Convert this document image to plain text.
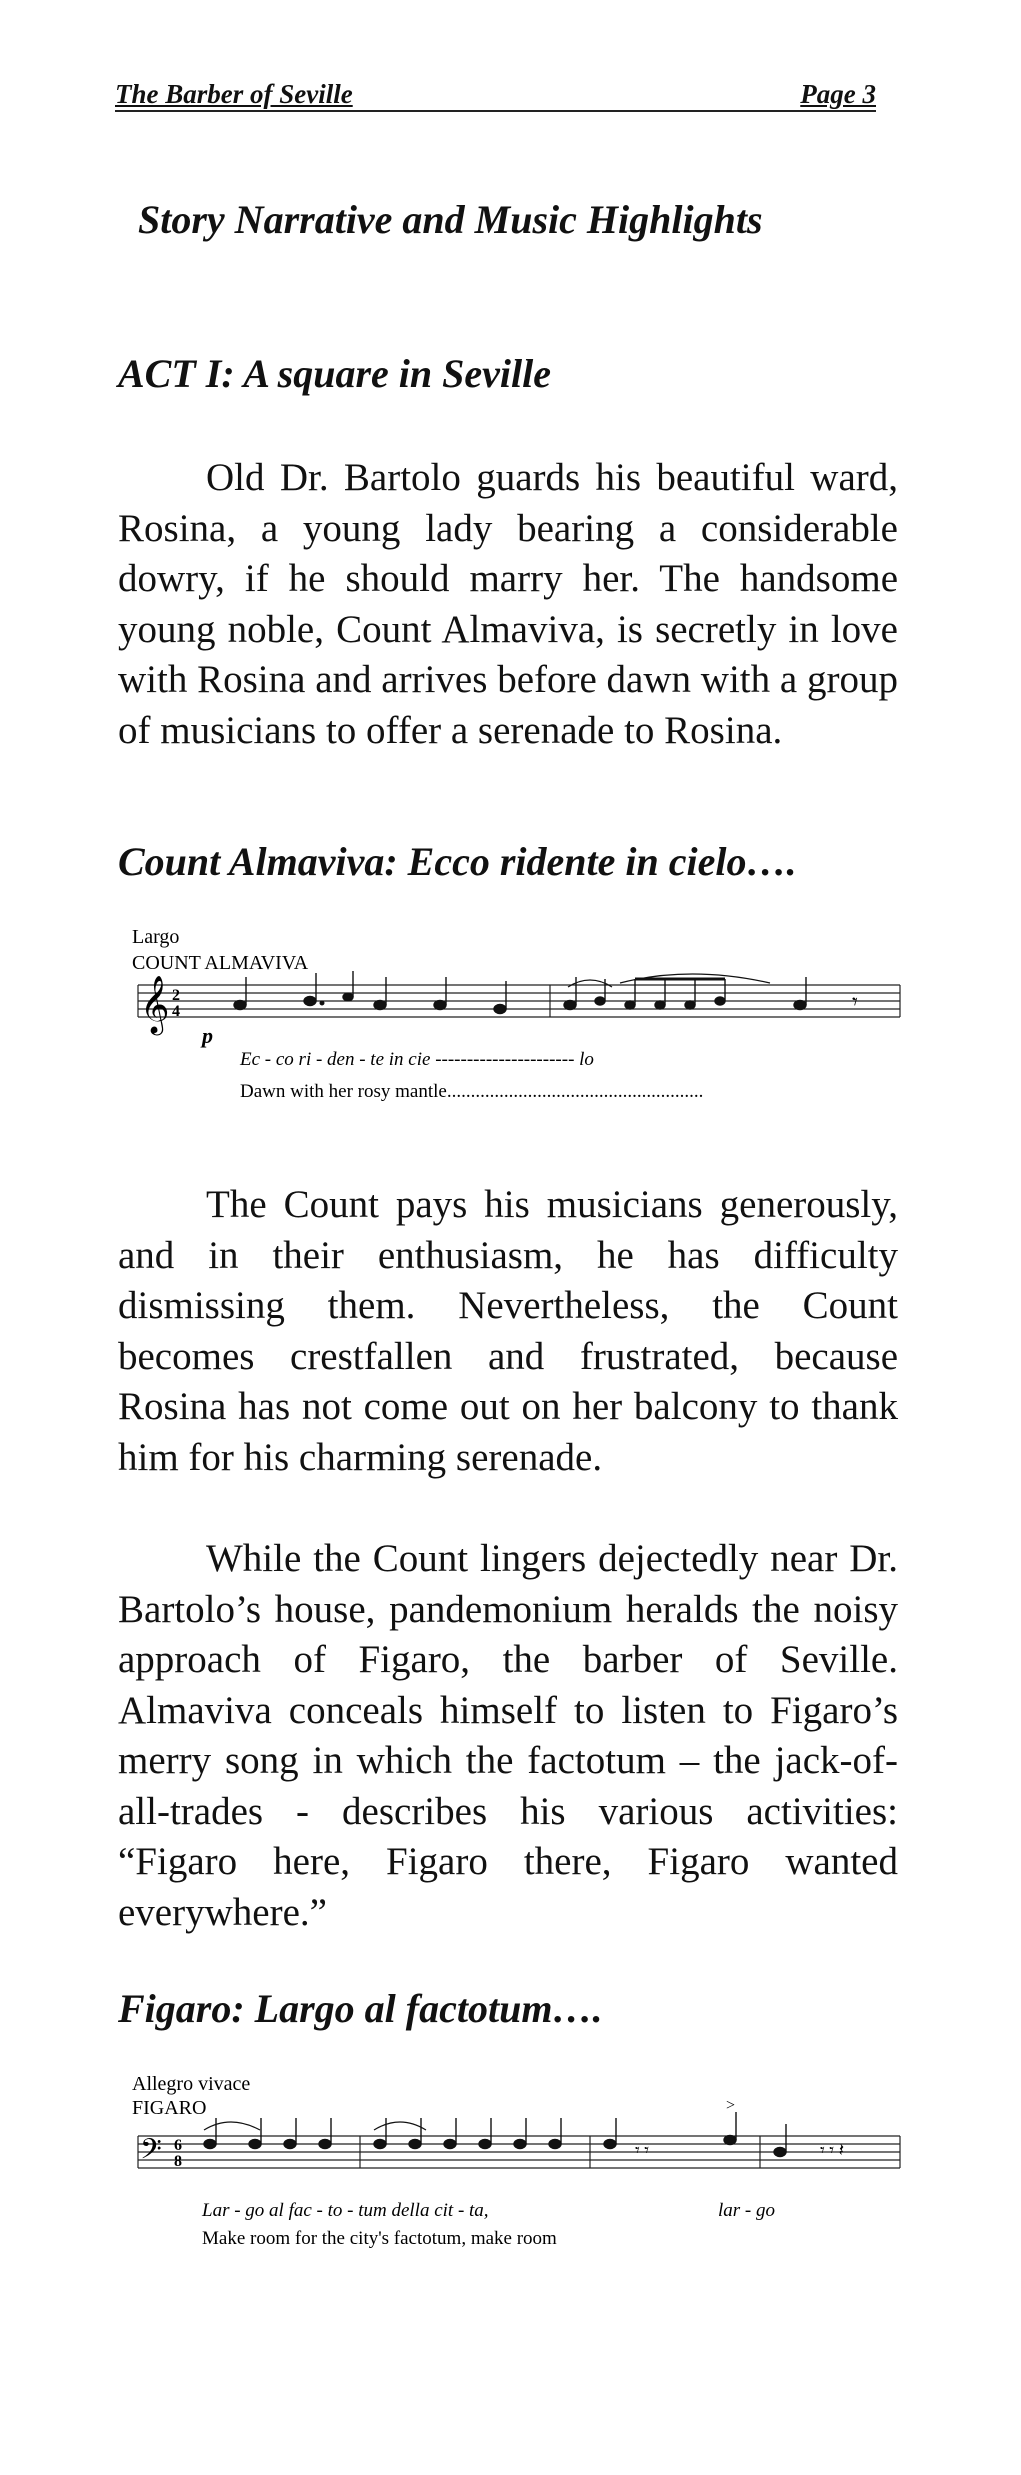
The Barber of Seville	Page 3
Story Narrative and Music Highlights
ACT I: A square in Seville

Old Dr. Bartolo guards his beautiful ward, Rosina, a young lady bearing a considerable dowry, if he should marry her. The handsome young noble, Count Almaviva, is secretly in love with Rosina and arrives before dawn with a group of musicians to offer a serenade to Rosina.

Count Almaviva: Ecco ridente in cielo….
Largo
COUNT ALMAVIVA
𝄞 2
4
p
𝄾
Ec - co ri - den - te in cie ---------------------- lo
Dawn with her rosy mantle......................................................

The Count pays his musicians generously, and in their enthusiasm, he has difficulty dismissing them. Nevertheless, the Count becomes crestfallen and frustrated, because Rosina has not come out on her balcony to thank him for his charming serenade.

While the Count lingers dejectedly near Dr. Bartolo’s house, pandemonium heralds the noisy approach of Figaro, the barber of Seville. Almaviva conceals himself to listen to Figaro’s merry song in which the factotum – the jack-of-all-trades - describes his various activities: “Figaro here, Figaro there, Figaro wanted everywhere.”

Figaro: Largo al factotum….
Allegro vivace
FIGARO
𝄢 6
8
>
𝄾 𝄾	𝄾 𝄾 𝄽
Lar - go al fac - to - tum della cit - ta,	lar - go
Make room for the city's factotum, make room
